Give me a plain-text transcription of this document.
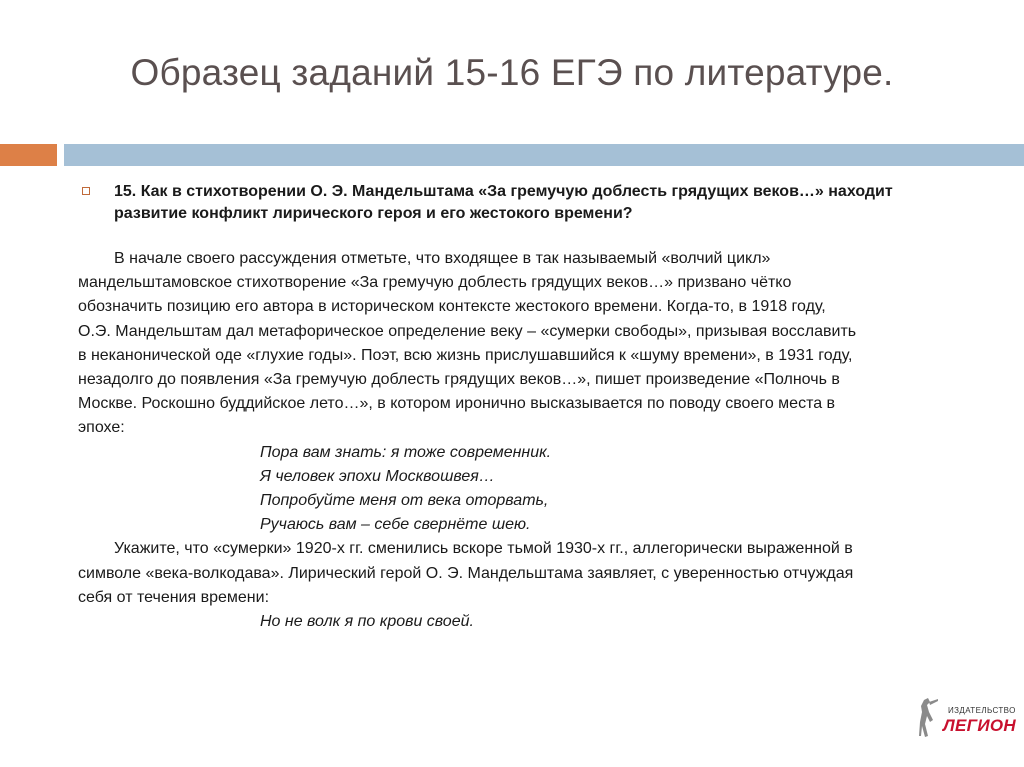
Образец заданий 15-16 ЕГЭ по литературе.
15. Как в стихотворении О. Э. Мандельштама «За гремучую доблесть грядущих веков…» находит
развитие конфликт лирического героя и его жестокого времени?
В начале своего рассуждения отметьте, что входящее в так называемый «волчий цикл»
мандельштамовское стихотворение «За гремучую доблесть грядущих веков…» призвано чётко
обозначить позицию его автора в историческом контексте жестокого времени. Когда-то, в 1918 году,
О.Э. Мандельштам дал метафорическое определение веку – «сумерки свободы», призывая восславить
в неканонической оде «глухие годы». Поэт, всю жизнь прислушавшийся к «шуму времени», в 1931 году,
незадолго до появления «За гремучую доблесть грядущих веков…», пишет произведение «Полночь в
Москве. Роскошно буддийское лето…», в котором иронично высказывается по поводу своего места в
эпохе:
Пора вам знать: я тоже современник.
Я человек эпохи Москвошвея…
Попробуйте меня от века оторвать,
Ручаюсь вам – себе свернёте шею.
Укажите, что «сумерки» 1920-х гг. сменились вскоре тьмой 1930-х гг., аллегорически выраженной в
символе «века-волкодава». Лирический герой О. Э. Мандельштама заявляет, с уверенностью отчуждая
себя от течения времени:
Но не волк я по крови своей.
ИЗДАТЕЛЬСТВО
ЛЕГИОН
